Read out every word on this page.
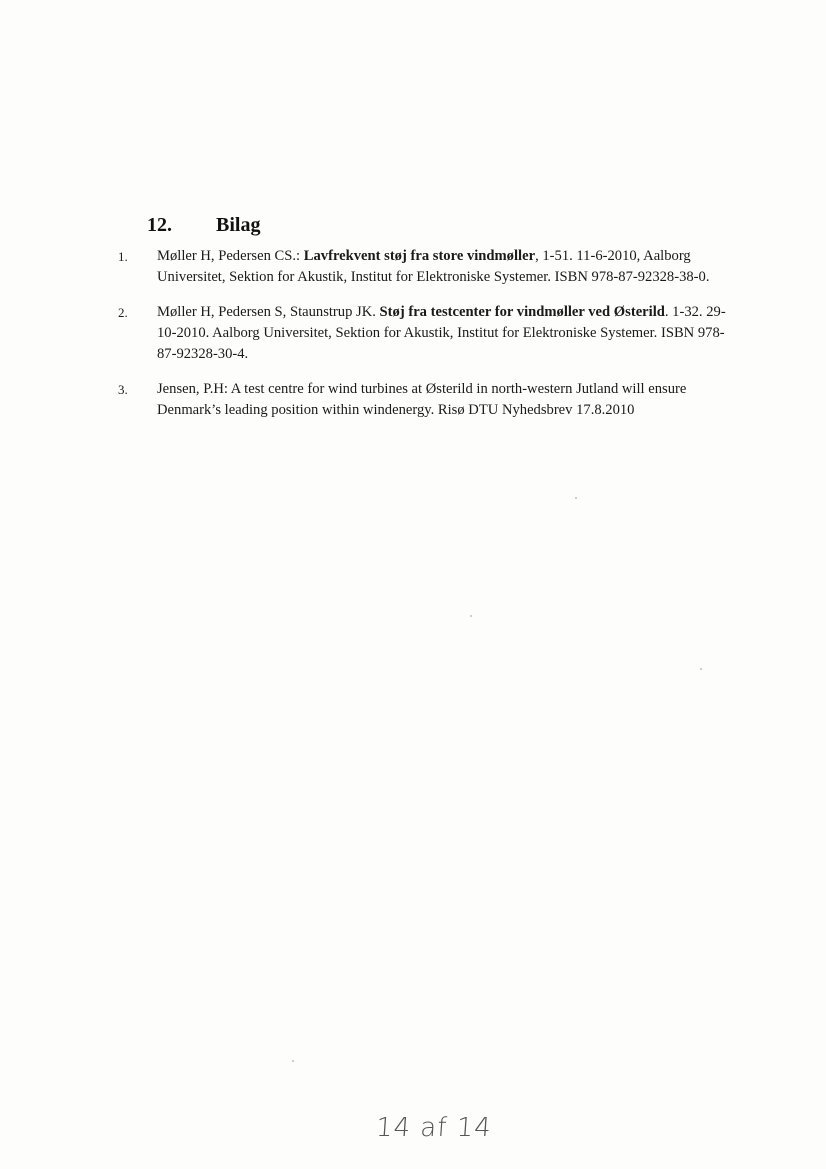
12.	Bilag
1.	Møller H, Pedersen CS.: Lavfrekvent støj fra store vindmøller, 1-51. 11-6-2010, Aalborg Universitet, Sektion for Akustik, Institut for Elektroniske Systemer. ISBN 978-87-92328-38-0.
2.	Møller H, Pedersen S, Staunstrup JK. Støj fra testcenter for vindmøller ved Østerild. 1-32. 29-10-2010. Aalborg Universitet, Sektion for Akustik, Institut for Elektroniske Systemer. ISBN 978-87-92328-30-4.
3.	Jensen, P.H: A test centre for wind turbines at Østerild in north-western Jutland will ensure Denmark’s leading position within windenergy. Risø DTU Nyhedsbrev 17.8.2010
14 af 14
